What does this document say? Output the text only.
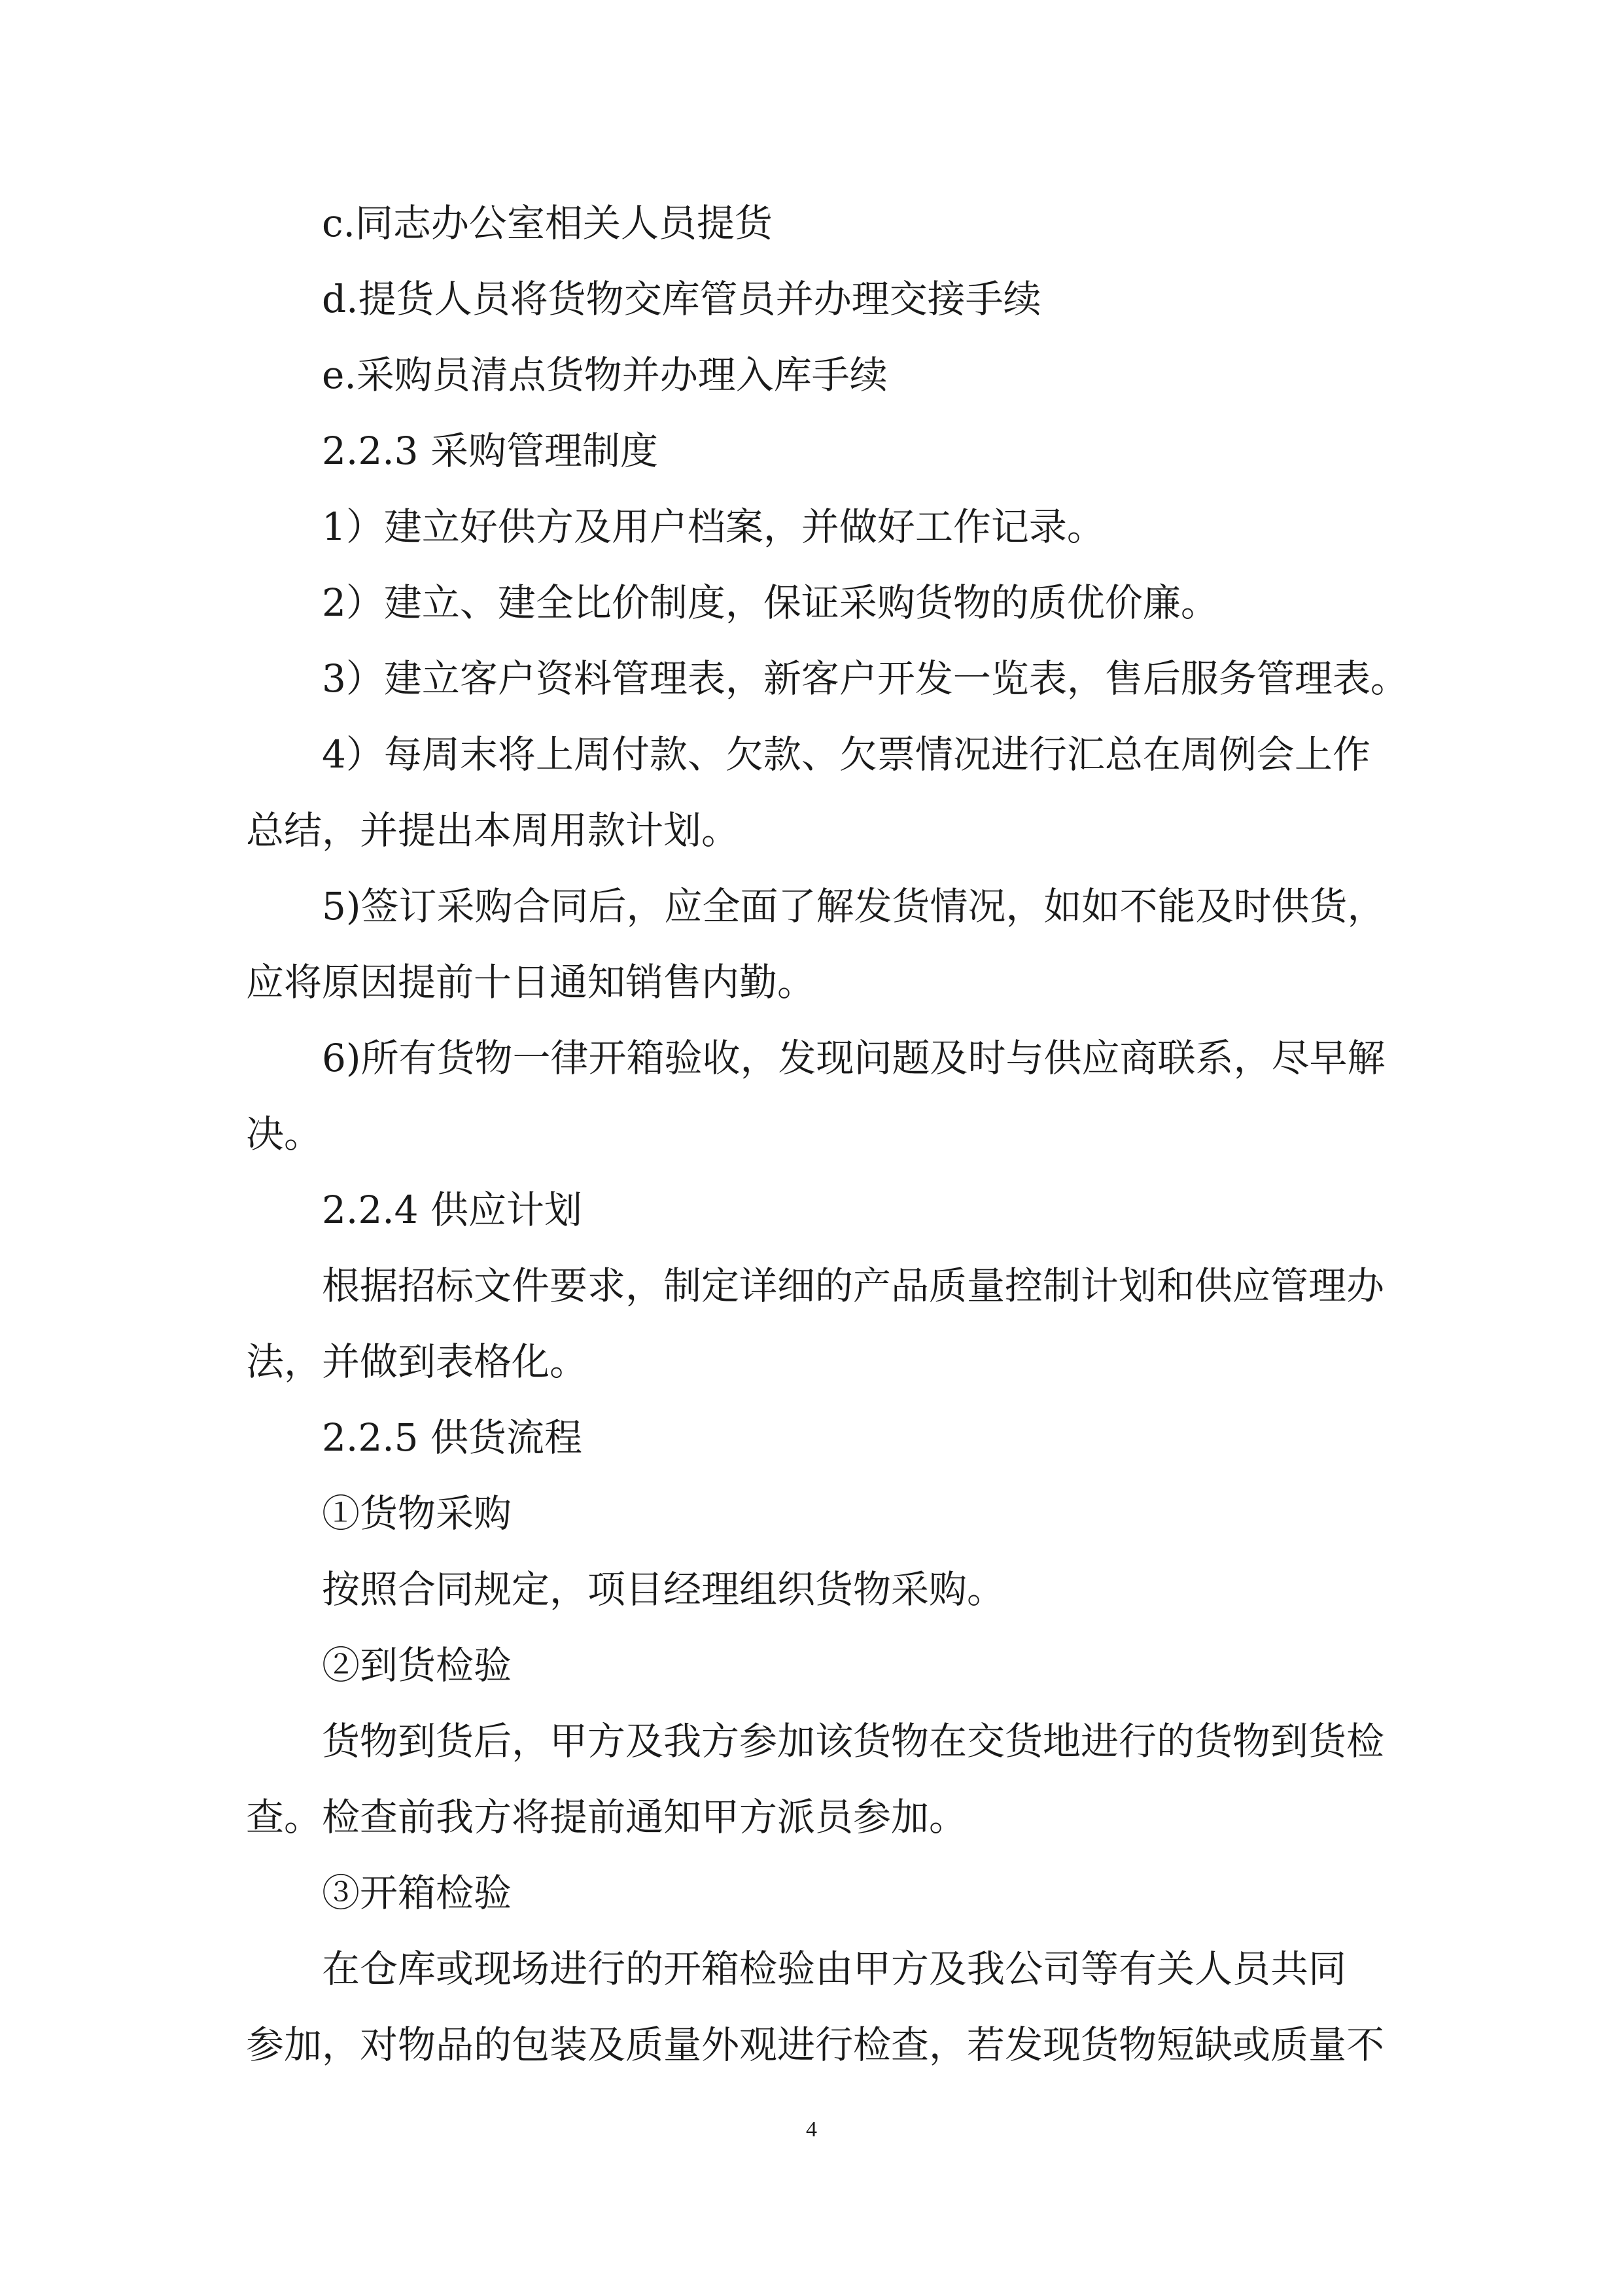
c.同志办公室相关人员提货

d.提货人员将货物交库管员并办理交接手续

e.采购员清点货物并办理入库手续

2.2.3 采购管理制度

1）建立好供方及用户档案，并做好工作记录。

2）建立、建全比价制度，保证采购货物的质优价廉。

3）建立客户资料管理表，新客户开发一览表，售后服务管理表。

4）每周末将上周付款、欠款、欠票情况进行汇总在周例会上作

总结，并提出本周用款计划。

5)签订采购合同后，应全面了解发货情况，如如不能及时供货，

应将原因提前十日通知销售内勤。

6)所有货物一律开箱验收，发现问题及时与供应商联系，尽早解

决。

2.2.4 供应计划

根据招标文件要求，制定详细的产品质量控制计划和供应管理办

法，并做到表格化。

2.2.5 供货流程

①货物采购

按照合同规定，项目经理组织货物采购。

②到货检验

货物到货后，甲方及我方参加该货物在交货地进行的货物到货检

查。检查前我方将提前通知甲方派员参加。

③开箱检验

在仓库或现场进行的开箱检验由甲方及我公司等有关人员共同

参加，对物品的包装及质量外观进行检查，若发现货物短缺或质量不

4
